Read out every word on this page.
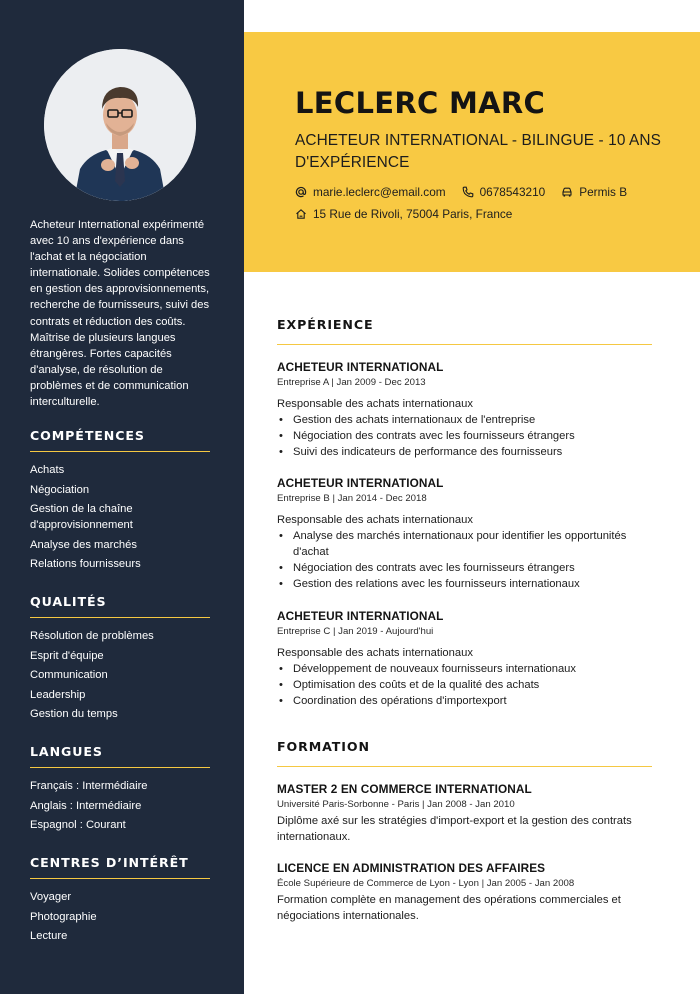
Acheteur International expérimenté avec 10 ans d'expérience dans l'achat et la négociation internationale. Solides compétences en gestion des approvisionnements, recherche de fournisseurs, suivi des contrats et réduction des coûts. Maîtrise de plusieurs langues étrangères. Fortes capacités d'analyse, de résolution de problèmes et de communication interculturelle.
COMPÉTENCES
Achats
Négociation
Gestion de la chaîne d'approvisionnement
Analyse des marchés
Relations fournisseurs
QUALITÉS
Résolution de problèmes
Esprit d'équipe
Communication
Leadership
Gestion du temps
LANGUES
Français : Intermédiaire
Anglais : Intermédiaire
Espagnol : Courant
CENTRES D’INTÉRÊT
Voyager
Photographie
Lecture
LECLERC MARC
ACHETEUR INTERNATIONAL - BILINGUE - 10 ANS D'EXPÉRIENCE
marie.leclerc@email.com	0678543210	Permis B
15 Rue de Rivoli, 75004 Paris, France
EXPÉRIENCE
ACHETEUR INTERNATIONAL
Entreprise A | Jan 2009 - Dec 2013
Responsable des achats internationaux
• Gestion des achats internationaux de l'entreprise
• Négociation des contrats avec les fournisseurs étrangers
• Suivi des indicateurs de performance des fournisseurs
ACHETEUR INTERNATIONAL
Entreprise B | Jan 2014 - Dec 2018
Responsable des achats internationaux
• Analyse des marchés internationaux pour identifier les opportunités d'achat
• Négociation des contrats avec les fournisseurs étrangers
• Gestion des relations avec les fournisseurs internationaux
ACHETEUR INTERNATIONAL
Entreprise C | Jan 2019 - Aujourd'hui
Responsable des achats internationaux
• Développement de nouveaux fournisseurs internationaux
• Optimisation des coûts et de la qualité des achats
• Coordination des opérations d'importexport
FORMATION
MASTER 2 EN COMMERCE INTERNATIONAL
Université Paris-Sorbonne - Paris | Jan 2008 - Jan 2010
Diplôme axé sur les stratégies d'import-export et la gestion des contrats internationaux.
LICENCE EN ADMINISTRATION DES AFFAIRES
École Supérieure de Commerce de Lyon - Lyon | Jan 2005 - Jan 2008
Formation complète en management des opérations commerciales et négociations internationales.
